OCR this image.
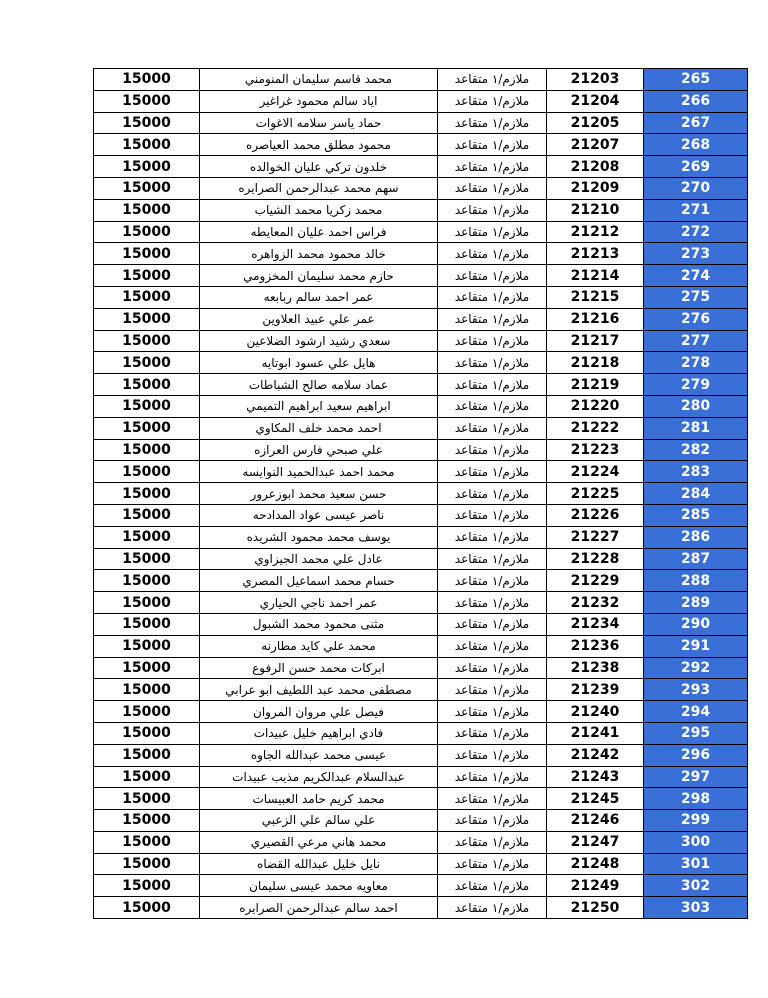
15000	محمد قاسم سليمان المنومني	ملازم/١ متقاعد	21203	265
15000	اياد سالم محمود غراغير	ملازم/١ متقاعد	21204	266
15000	حماد ياسر سلامه الاغوات	ملازم/١ متقاعد	21205	267
15000	محمود مطلق محمد العياصره	ملازم/١ متقاعد	21207	268
15000	خلدون تركي عليان الخوالده	ملازم/١ متقاعد	21208	269
15000	سهم محمد عبدالرحمن الصرايره	ملازم/١ متقاعد	21209	270
15000	محمد زكريا محمد الشياب	ملازم/١ متقاعد	21210	271
15000	فراس احمد عليان المعايطه	ملازم/١ متقاعد	21212	272
15000	خالد محمود محمد الزواهره	ملازم/١ متقاعد	21213	273
15000	حازم محمد سليمان المخزومي	ملازم/١ متقاعد	21214	274
15000	عمر احمد سالم ربابعه	ملازم/١ متقاعد	21215	275
15000	عمر علي عبيد العلاوين	ملازم/١ متقاعد	21216	276
15000	سعدي رشيد ارشود الضلاعين	ملازم/١ متقاعد	21217	277
15000	هايل علي عسود ابوتايه	ملازم/١ متقاعد	21218	278
15000	عماد سلامه صالح الشباطات	ملازم/١ متقاعد	21219	279
15000	ابراهيم سعيد ابراهيم التميمي	ملازم/١ متقاعد	21220	280
15000	احمد محمد خلف المكاوي	ملازم/١ متقاعد	21222	281
15000	علي صبحي فارس العرازه	ملازم/١ متقاعد	21223	282
15000	محمد احمد عبدالحميد النوايسه	ملازم/١ متقاعد	21224	283
15000	حسن سعيد محمد ابوزعرور	ملازم/١ متقاعد	21225	284
15000	ناصر عيسى عواد المدادحه	ملازم/١ متقاعد	21226	285
15000	يوسف محمد محمود الشريده	ملازم/١ متقاعد	21227	286
15000	عادل علي محمد الجيزاوي	ملازم/١ متقاعد	21228	287
15000	حسام محمد اسماعيل المصري	ملازم/١ متقاعد	21229	288
15000	عمر احمد ناجي الحياري	ملازم/١ متقاعد	21232	289
15000	مثنى محمود محمد الشبول	ملازم/١ متقاعد	21234	290
15000	محمد علي كايد مطارنه	ملازم/١ متقاعد	21236	291
15000	ابركات محمد حسن الرفوع	ملازم/١ متقاعد	21238	292
15000	مصطفى محمد عبد اللطيف ابو عرابي	ملازم/١ متقاعد	21239	293
15000	فيصل علي مروان المروان	ملازم/١ متقاعد	21240	294
15000	فادي ابراهيم خليل عبيدات	ملازم/١ متقاعد	21241	295
15000	عيسى محمد عبدالله الجاوه	ملازم/١ متقاعد	21242	296
15000	عبدالسلام عبدالكريم مذيب عبيدات	ملازم/١ متقاعد	21243	297
15000	محمد كريم حامد العبيسات	ملازم/١ متقاعد	21245	298
15000	علي سالم علي الزعبي	ملازم/١ متقاعد	21246	299
15000	محمد هاني مرعي القصيري	ملازم/١ متقاعد	21247	300
15000	نايل خليل عبدالله القضاه	ملازم/١ متقاعد	21248	301
15000	معاويه محمد عيسى سليمان	ملازم/١ متقاعد	21249	302
15000	احمد سالم عبدالرحمن الصرايره	ملازم/١ متقاعد	21250	303
